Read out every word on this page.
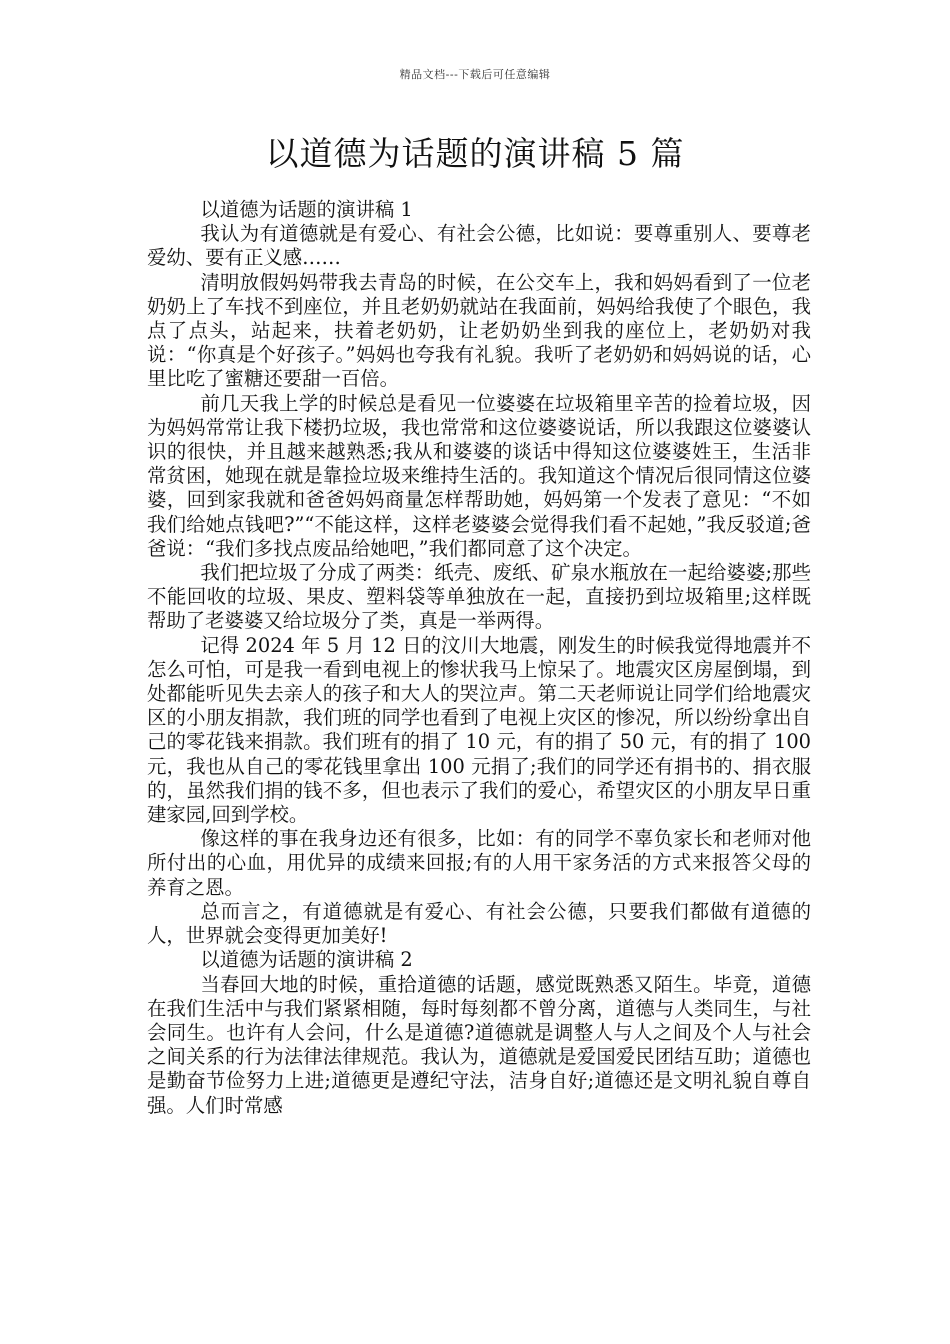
精品文档---下载后可任意编辑
以道德为话题的演讲稿 5 篇

以道德为话题的演讲稿 1

我认为有道德就是有爱心、有社会公德，比如说：要尊重别人、要尊老爱幼、要有正义感……

清明放假妈妈带我去青岛的时候，在公交车上，我和妈妈看到了一位老奶奶上了车找不到座位，并且老奶奶就站在我面前，妈妈给我使了个眼色，我点了点头，站起来，扶着老奶奶，让老奶奶坐到我的座位上，老奶奶对我说：“你真是个好孩子。”妈妈也夸我有礼貌。我听了老奶奶和妈妈说的话，心里比吃了蜜糖还要甜一百倍。

前几天我上学的时候总是看见一位婆婆在垃圾箱里辛苦的捡着垃圾，因为妈妈常常让我下楼扔垃圾，我也常常和这位婆婆说话，所以我跟这位婆婆认识的很快，并且越来越熟悉;我从和婆婆的谈话中得知这位婆婆姓王，生活非常贫困，她现在就是靠捡垃圾来维持生活的。我知道这个情况后很同情这位婆婆，回到家我就和爸爸妈妈商量怎样帮助她，妈妈第一个发表了意见：“不如我们给她点钱吧?”“不能这样，这样老婆婆会觉得我们看不起她，”我反驳道;爸爸说：“我们多找点废品给她吧，”我们都同意了这个决定。

我们把垃圾了分成了两类：纸壳、废纸、矿泉水瓶放在一起给婆婆;那些不能回收的垃圾、果皮、塑料袋等单独放在一起，直接扔到垃圾箱里;这样既帮助了老婆婆又给垃圾分了类，真是一举两得。

记得 2024 年 5 月 12 日的汶川大地震，刚发生的时候我觉得地震并不怎么可怕，可是我一看到电视上的惨状我马上惊呆了。地震灾区房屋倒塌，到处都能听见失去亲人的孩子和大人的哭泣声。第二天老师说让同学们给地震灾区的小朋友捐款，我们班的同学也看到了电视上灾区的惨况，所以纷纷拿出自己的零花钱来捐款。我们班有的捐了 10 元，有的捐了 50 元，有的捐了 100 元，我也从自己的零花钱里拿出 100 元捐了;我们的同学还有捐书的、捐衣服的，虽然我们捐的钱不多，但也表示了我们的爱心，希望灾区的小朋友早日重建家园,回到学校。

像这样的事在我身边还有很多，比如：有的同学不辜负家长和老师对他所付出的心血，用优异的成绩来回报;有的人用干家务活的方式来报答父母的养育之恩。

总而言之，有道德就是有爱心、有社会公德，只要我们都做有道德的人，世界就会变得更加美好!

以道德为话题的演讲稿 2

当春回大地的时候，重拾道德的话题，感觉既熟悉又陌生。毕竟，道德在我们生活中与我们紧紧相随，每时每刻都不曾分离，道德与人类同生，与社会同生。也许有人会问，什么是道德?道德就是调整人与人之间及个人与社会之间关系的行为法律法律规范。我认为，道德就是爱国爱民团结互助；道德也是勤奋节俭努力上进;道德更是遵纪守法，洁身自好;道德还是文明礼貌自尊自强。人们时常感
